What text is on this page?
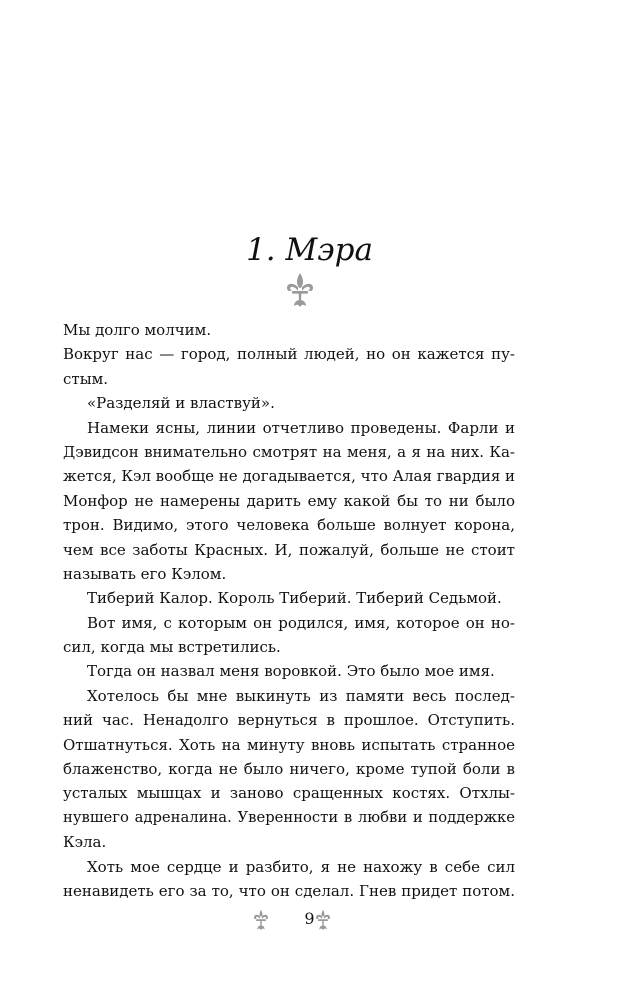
1. Мэра
Мы долго молчим.
Вокруг нас — город, полный людей, но он кажется пу-
стым.
«Разделяй и властвуй».
Намеки ясны, линии отчетливо проведены. Фарли и
Дэвидсон внимательно смотрят на меня, а я на них. Ка-
жется, Кэл вообще не догадывается, что Алая гвардия и
Монфор не намерены дарить ему какой бы то ни было
трон. Видимо, этого человека больше волнует корона,
чем все заботы Красных. И, пожалуй, больше не стоит
называть его Кэлом.
Тиберий Калор. Король Тиберий. Тиберий Седьмой.
Вот имя, с которым он родился, имя, которое он но-
сил, когда мы встретились.
Тогда он назвал меня воровкой. Это было мое имя.
Хотелось бы мне выкинуть из памяти весь послед-
ний час. Ненадолго вернуться в прошлое. Отступить.
Отшатнуться. Хоть на минуту вновь испытать странное
блаженство, когда не было ничего, кроме тупой боли в
усталых мышцах и заново сращенных костях. Отхлы-
нувшего адреналина. Уверенности в любви и поддержке
Кэла.
Хоть мое сердце и разбито, я не нахожу в себе сил
ненавидеть его за то, что он сделал. Гнев придет потом.
9
